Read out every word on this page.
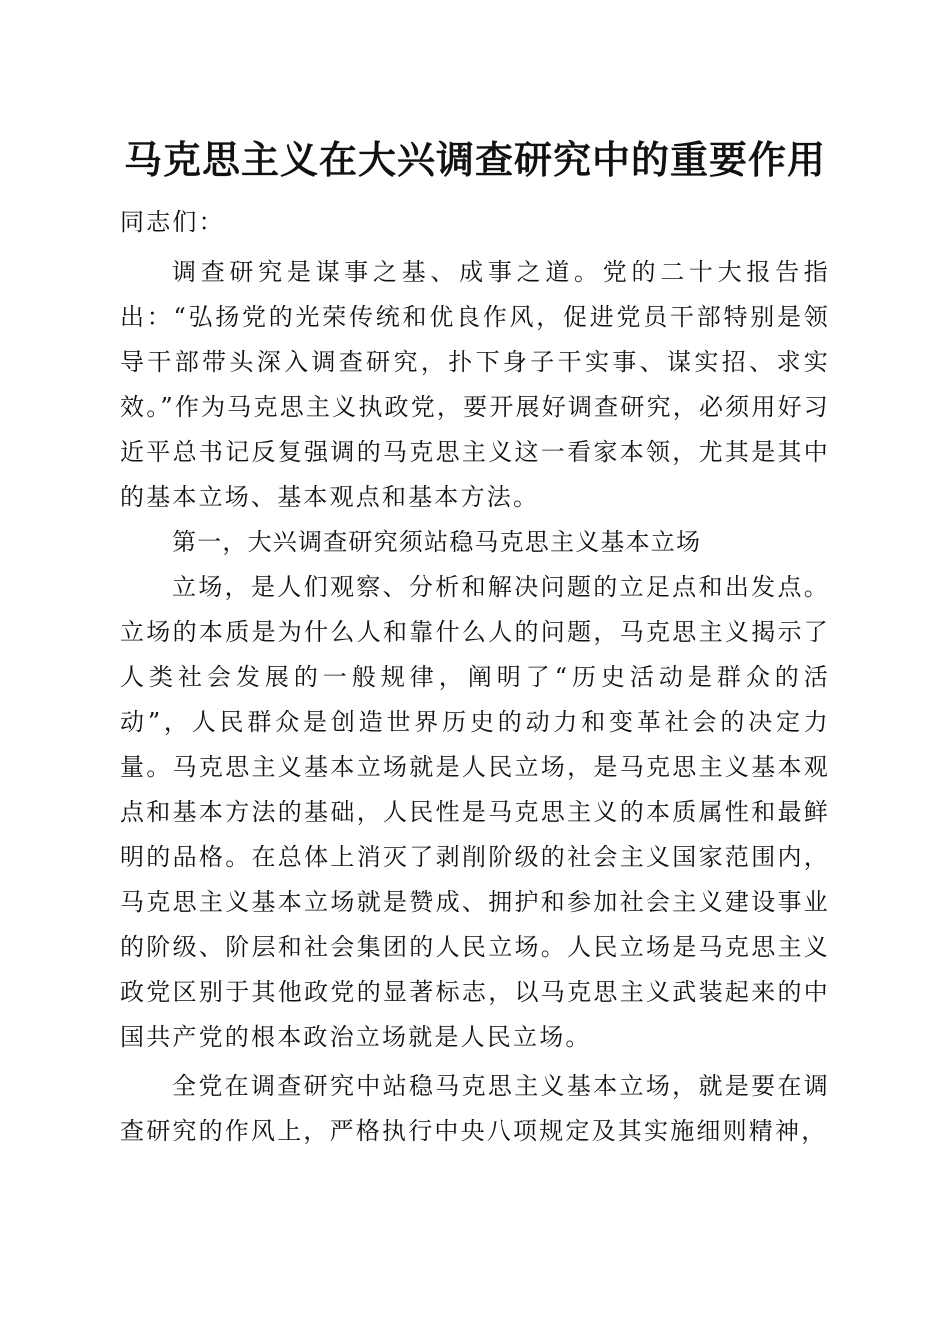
马克思主义在大兴调查研究中的重要作用

同志们：

调查研究是谋事之基、成事之道。党的二十大报告指出：“弘扬党的光荣传统和优良作风，促进党员干部特别是领导干部带头深入调查研究，扑下身子干实事、谋实招、求实效。”作为马克思主义执政党，要开展好调查研究，必须用好习近平总书记反复强调的马克思主义这一看家本领，尤其是其中的基本立场、基本观点和基本方法。

第一，大兴调查研究须站稳马克思主义基本立场

立场，是人们观察、分析和解决问题的立足点和出发点。立场的本质是为什么人和靠什么人的问题，马克思主义揭示了人类社会发展的一般规律，阐明了“历史活动是群众的活动”，人民群众是创造世界历史的动力和变革社会的决定力量。马克思主义基本立场就是人民立场，是马克思主义基本观点和基本方法的基础，人民性是马克思主义的本质属性和最鲜明的品格。在总体上消灭了剥削阶级的社会主义国家范围内，马克思主义基本立场就是赞成、拥护和参加社会主义建设事业的阶级、阶层和社会集团的人民立场。人民立场是马克思主义政党区别于其他政党的显著标志，以马克思主义武装起来的中国共产党的根本政治立场就是人民立场。

全党在调查研究中站稳马克思主义基本立场，就是要在调查研究的作风上，严格执行中央八项规定及其实施细则精神，
